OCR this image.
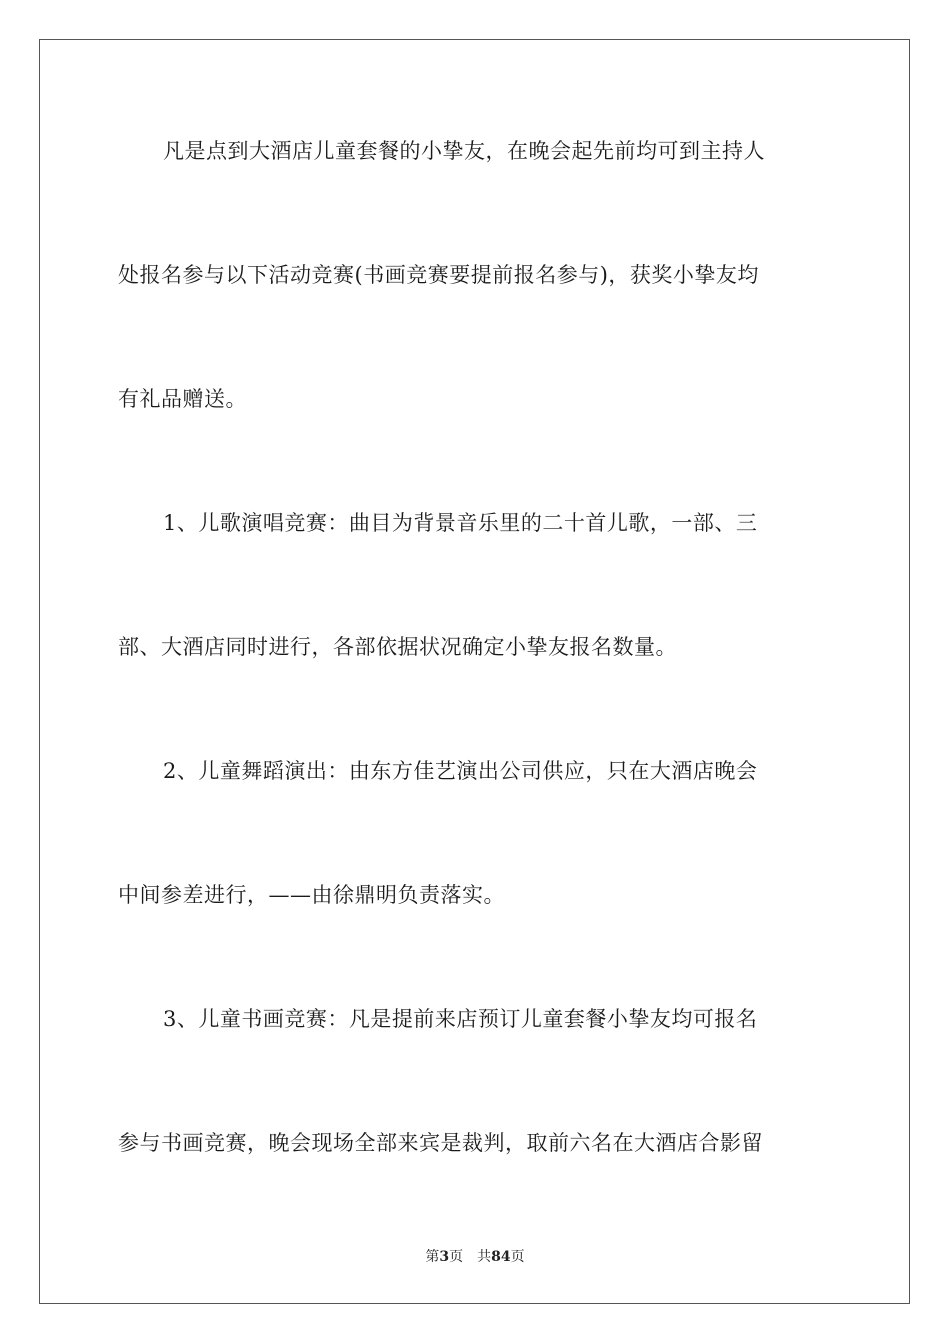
凡是点到大酒店儿童套餐的小挚友，在晚会起先前均可到主持人
处报名参与以下活动竞赛(书画竞赛要提前报名参与)，获奖小挚友均
有礼品赠送。
1、儿歌演唱竞赛：曲目为背景音乐里的二十首儿歌，一部、三
部、大酒店同时进行，各部依据状况确定小挚友报名数量。
2、儿童舞蹈演出：由东方佳艺演出公司供应，只在大酒店晚会
中间参差进行，——由徐鼎明负责落实。
3、儿童书画竞赛：凡是提前来店预订儿童套餐小挚友均可报名
参与书画竞赛，晚会现场全部来宾是裁判，取前六名在大酒店合影留
第3页 共84页
